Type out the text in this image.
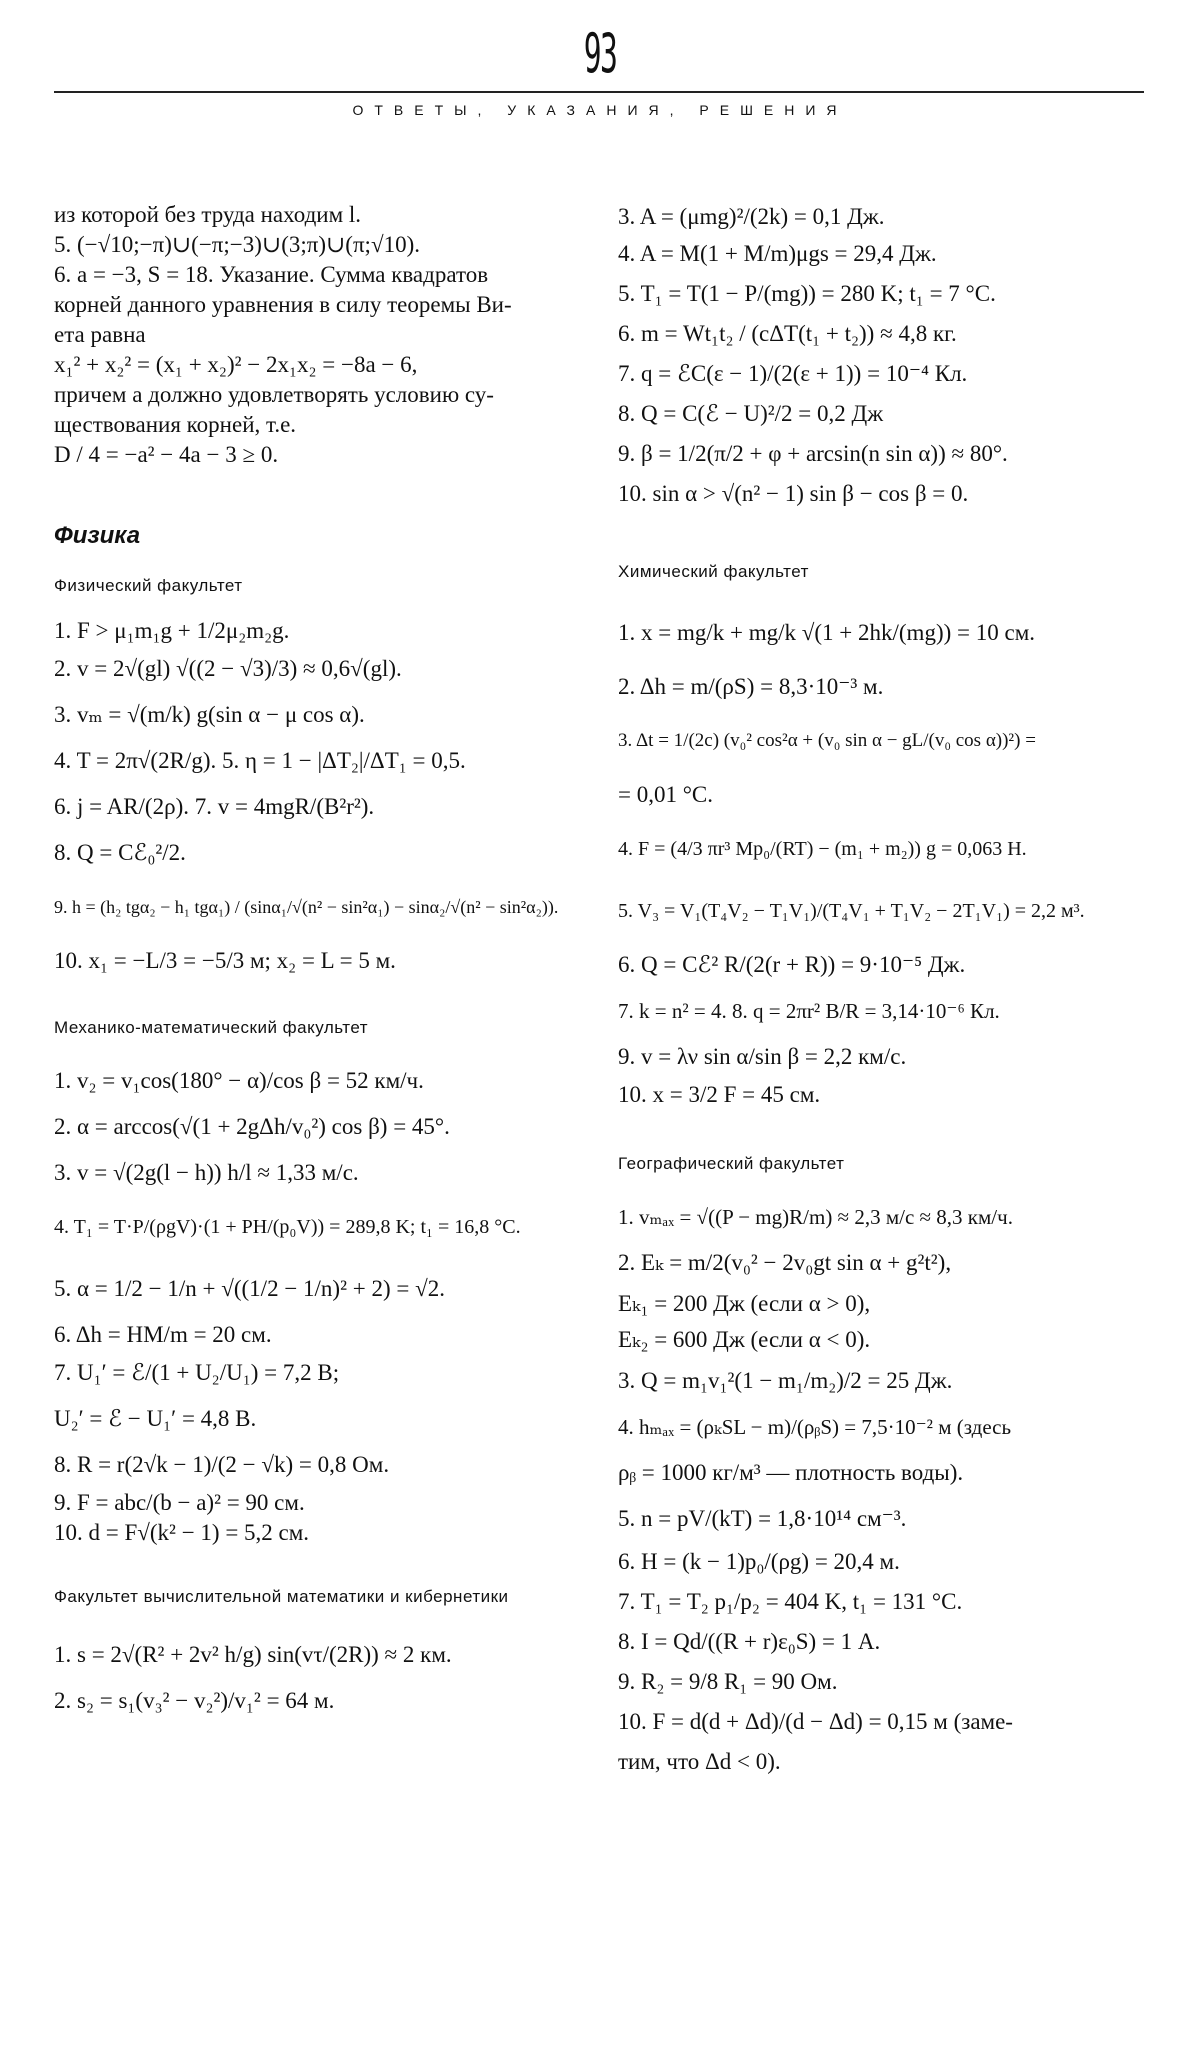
93
ОТВЕТЫ, УКАЗАНИЯ, РЕШЕНИЯ

из которой без труда находим l.

5. (−√10;−π)∪(−π;−3)∪(3;π)∪(π;√10).

6. a = −3, S = 18. Указание. Сумма квадратов

корней данного уравнения в силу теоремы Ви-

ета равна

x₁² + x₂² = (x₁ + x₂)² − 2x₁x₂ = −8a − 6,

причем a должно удовлетворять условию су-

ществования корней, т.е.

D / 4 = −a² − 4a − 3 ≥ 0.

Физика
Физический факультет

1. F > μ₁m₁g + 1/2μ₂m₂g.

2. v = 2√(gl) √((2 − √3)/3) ≈ 0,6√(gl).

3. vₘ = √(m/k) g(sin α − μ cos α).

4. T = 2π√(2R/g). 5. η = 1 − |ΔT₂|/ΔT₁ = 0,5.

6. j = AR/(2ρ). 7. v = 4mgR/(B²r²).

8. Q = Cℰ₀²/2.

9. h = (h₂ tgα₂ − h₁ tgα₁) / (sinα₁/√(n² − sin²α₁) − sinα₂/√(n² − sin²α₂)).

10. x₁ = −L/3 = −5/3 м; x₂ = L = 5 м.

Механико-математический факультет

1. v₂ = v₁cos(180° − α)/cos β = 52 км/ч.

2. α = arccos(√(1 + 2gΔh/v₀²) cos β) = 45°.

3. v = √(2g(l − h)) h/l ≈ 1,33 м/с.

4. T₁ = T·P/(ρgV)·(1 + PH/(p₀V)) = 289,8 K; t₁ = 16,8 °C.

5. α = 1/2 − 1/n + √((1/2 − 1/n)² + 2) = √2.

6. Δh = HM/m = 20 см.

7. U₁′ = ℰ/(1 + U₂/U₁) = 7,2 В;

U₂′ = ℰ − U₁′ = 4,8 В.

8. R = r(2√k − 1)/(2 − √k) = 0,8 Ом.

9. F = abc/(b − a)² = 90 см.

10. d = F√(k² − 1) = 5,2 см.

Факультет вычислительной математики и кибернетики

1. s = 2√(R² + 2v² h/g) sin(vτ/(2R)) ≈ 2 км.

2. s₂ = s₁(v₃² − v₂²)/v₁² = 64 м.

3. A = (μmg)²/(2k) = 0,1 Дж.

4. A = M(1 + M/m)μgs = 29,4 Дж.

5. T₁ = T(1 − P/(mg)) = 280 K; t₁ = 7 °C.

6. m = Wt₁t₂ / (cΔT(t₁ + t₂)) ≈ 4,8 кг.

7. q = ℰC(ε − 1)/(2(ε + 1)) = 10⁻⁴ Кл.

8. Q = C(ℰ − U)²/2 = 0,2 Дж

9. β = 1/2(π/2 + φ + arcsin(n sin α)) ≈ 80°.

10. sin α > √(n² − 1) sin β − cos β = 0.

Химический факультет

1. x = mg/k + mg/k √(1 + 2hk/(mg)) = 10 см.

2. Δh = m/(ρS) = 8,3·10⁻³ м.

3. Δt = 1/(2c) (v₀² cos²α + (v₀ sin α − gL/(v₀ cos α))²) =

= 0,01 °C.

4. F = (4/3 πr³ Mp₀/(RT) − (m₁ + m₂)) g = 0,063 Н.

5. V₃ = V₁(T₄V₂ − T₁V₁)/(T₄V₁ + T₁V₂ − 2T₁V₁) = 2,2 м³.

6. Q = Cℰ² R/(2(r + R)) = 9·10⁻⁵ Дж.

7. k = n² = 4. 8. q = 2πr² B/R = 3,14·10⁻⁶ Кл.

9. v = λν sin α/sin β = 2,2 км/с.

10. x = 3/2 F = 45 см.

Географический факультет

1. vₘₐₓ = √((P − mg)R/m) ≈ 2,3 м/с ≈ 8,3 км/ч.

2. Eₖ = m/2(v₀² − 2v₀gt sin α + g²t²),

Eₖ₁ = 200 Дж (если α > 0),

Eₖ₂ = 600 Дж (если α < 0).

3. Q = m₁v₁²(1 − m₁/m₂)/2 = 25 Дж.

4. hₘₐₓ = (ρₖSL − m)/(ρᵦS) = 7,5·10⁻² м (здесь

ρᵦ = 1000 кг/м³ — плотность воды).

5. n = pV/(kT) = 1,8·10¹⁴ см⁻³.

6. H = (k − 1)p₀/(ρg) = 20,4 м.

7. T₁ = T₂ p₁/p₂ = 404 K, t₁ = 131 °C.

8. I = Qd/((R + r)ε₀S) = 1 А.

9. R₂ = 9/8 R₁ = 90 Ом.

10. F = d(d + Δd)/(d − Δd) = 0,15 м (заме-

тим, что Δd < 0).
